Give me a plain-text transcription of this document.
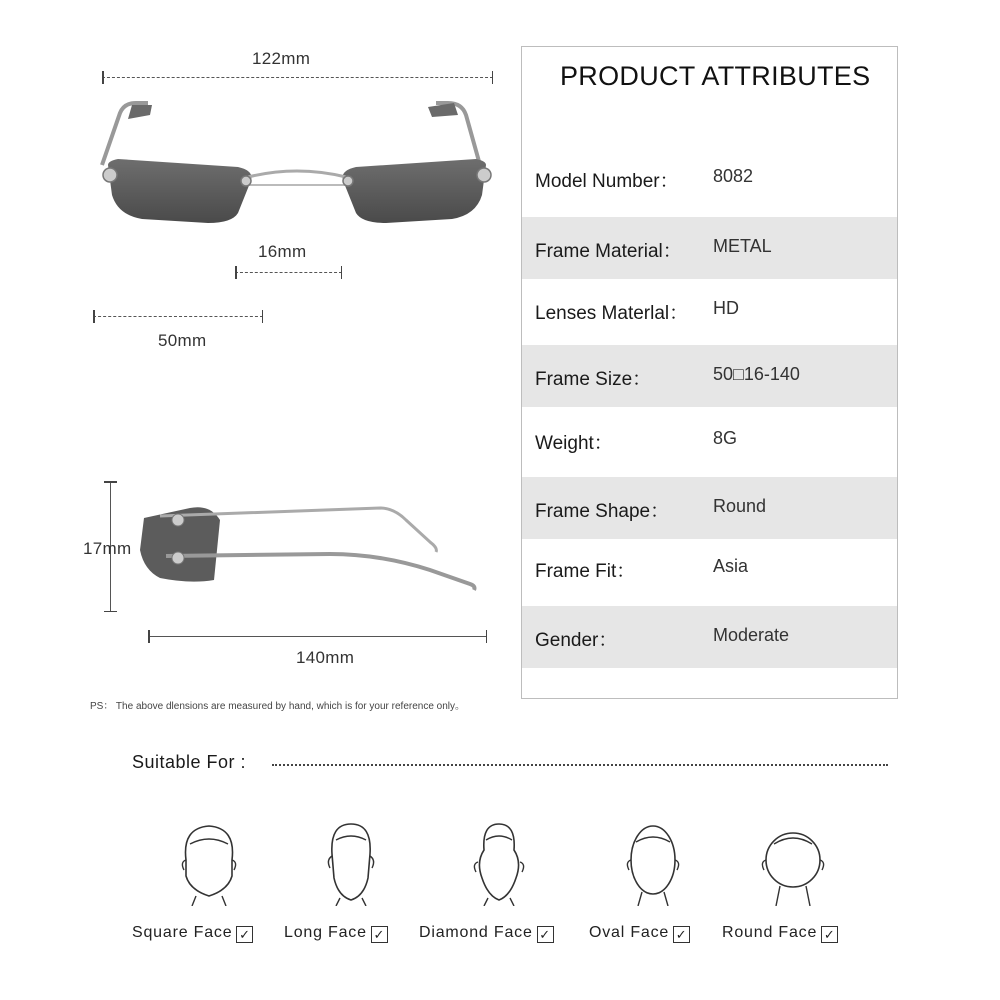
122mm
16mm
50mm
17mm
140mm
PS： The above dlensions are measured by hand, which is for your reference only。
PRODUCT ATTRIBUTES
Model Number： 8082
Frame Material： METAL
Lenses Materlal： HD
Frame Size：	50□16-140
Weight：	8G
Frame Shape： Round
Frame Fit：	Asia
Gender：	Moderate
Suitable For :
Square Face ✓ Long Face ✓ Diamond Face ✓ Oval Face ✓ Round Face ✓
